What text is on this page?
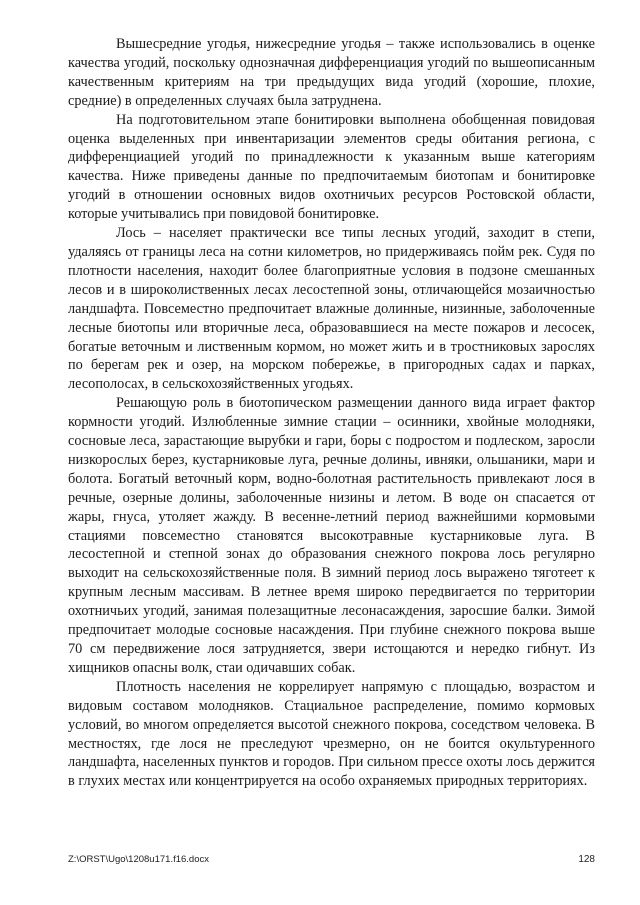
Вышесредние угодья, нижесредние угодья – также использовались в оценке качества угодий, поскольку однозначная дифференциация угодий по вышеописанным качественным критериям на три предыдущих вида угодий (хорошие, плохие, средние) в определенных случаях была затруднена.

На подготовительном этапе бонитировки выполнена обобщенная повидовая оценка выделенных при инвентаризации элементов среды обитания региона, с дифференциацией угодий по принадлежности к указанным выше категориям качества. Ниже приведены данные по предпочитаемым биотопам и бонитировке угодий в отношении основных видов охотничьих ресурсов Ростовской области, которые учитывались при повидовой бонитировке.

Лось – населяет практически все типы лесных угодий, заходит в степи, удаляясь от границы леса на сотни километров, но придерживаясь пойм рек. Судя по плотности населения, находит более благоприятные условия в подзоне смешанных лесов и в широколиственных лесах лесостепной зоны, отличающейся мозаичностью ландшафта. Повсеместно предпочитает влажные долинные, низинные, заболоченные лесные биотопы или вторичные леса, образовавшиеся на месте пожаров и лесосек, богатые веточным и лиственным кормом, но может жить и в тростниковых зарослях по берегам рек и озер, на морском побережье, в пригородных садах и парках, лесополосах, в сельскохозяйственных угодьях.

Решающую роль в биотопическом размещении данного вида играет фактор кормности угодий. Излюбленные зимние стации – осинники, хвойные молодняки, сосновые леса, зарастающие вырубки и гари, боры с подростом и подлеском, заросли низкорослых берез, кустарниковые луга, речные долины, ивняки, ольшаники, мари и болота. Богатый веточный корм, водно-болотная растительность привлекают лося в речные, озерные долины, заболоченные низины и летом. В воде он спасается от жары, гнуса, утоляет жажду. В весенне-летний период важнейшими кормовыми стациями повсеместно становятся высокотравные кустарниковые луга. В лесостепной и степной зонах до образования снежного покрова лось регулярно выходит на сельскохозяйственные поля. В зимний период лось выражено тяготеет к крупным лесным массивам. В летнее время широко передвигается по территории охотничьих угодий, занимая полезащитные лесонасаждения, заросшие балки. Зимой предпочитает молодые сосновые насаждения. При глубине снежного покрова выше 70 см передвижение лося затрудняется, звери истощаются и нередко гибнут. Из хищников опасны волк, стаи одичавших собак.

Плотность населения не коррелирует напрямую с площадью, возрастом и видовым составом молодняков. Стациальное распределение, помимо кормовых условий, во многом определяется высотой снежного покрова, соседством человека. В местностях, где лося не преследуют чрезмерно, он не боится окультуренного ландшафта, населенных пунктов и городов. При сильном прессе охоты лось держится в глухих местах или концентрируется на особо охраняемых природных территориях.

Z:\ORST\Ugo\1208u171.f16.docx	128
